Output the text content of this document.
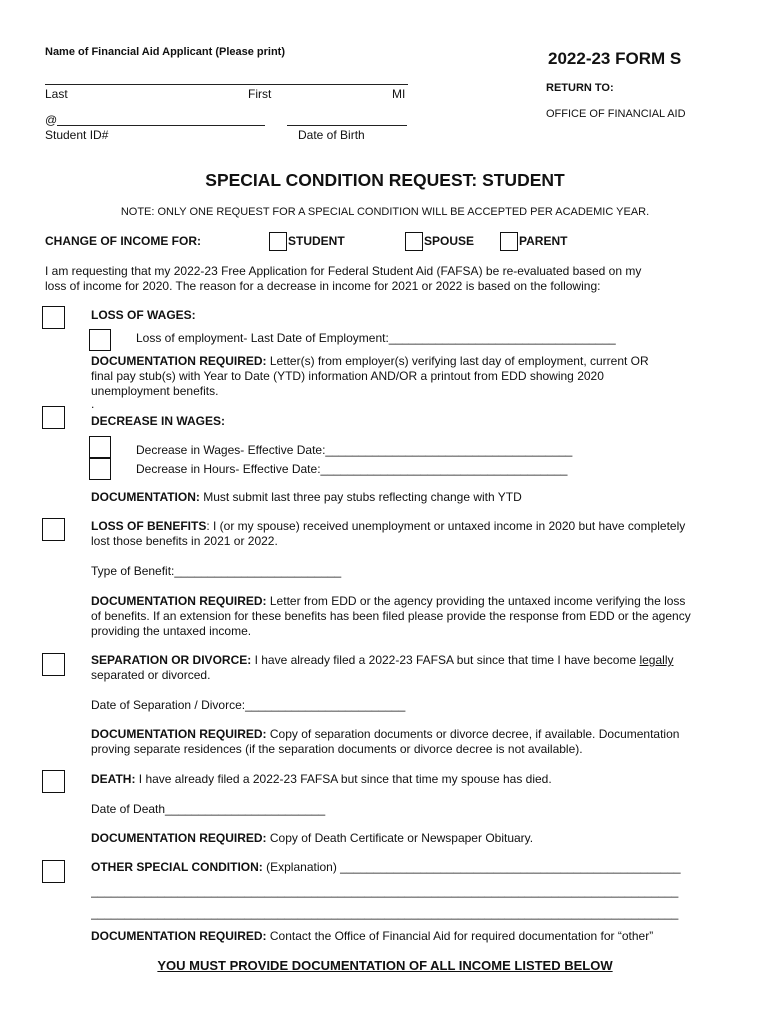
Name of Financial Aid Applicant (Please print)	2022-23 FORM S
Last	First	MI	RETURN TO:
OFFICE OF FINANCIAL AID
@
Student ID#	Date of Birth
SPECIAL CONDITION REQUEST: STUDENT
NOTE: ONLY ONE REQUEST FOR A SPECIAL CONDITION WILL BE ACCEPTED PER ACADEMIC YEAR.
CHANGE OF INCOME FOR:	STUDENT	SPOUSE	PARENT
I am requesting that my 2022-23 Free Application for Federal Student Aid (FAFSA) be re-evaluated based on my
loss of income for 2020. The reason for a decrease in income for 2021 or 2022 is based on the following:
LOSS OF WAGES:
Loss of employment- Last Date of Employment:__________________________________
DOCUMENTATION REQUIRED: Letter(s) from employer(s) verifying last day of employment, current OR
final pay stub(s) with Year to Date (YTD) information AND/OR a printout from EDD showing 2020
unemployment benefits.
.
DECREASE IN WAGES:
Decrease in Wages- Effective Date:_____________________________________
Decrease in Hours- Effective Date:_____________________________________
DOCUMENTATION: Must submit last three pay stubs reflecting change with YTD
LOSS OF BENEFITS: I (or my spouse) received unemployment or untaxed income in 2020 but have completely
lost those benefits in 2021 or 2022.
Type of Benefit:_________________________
DOCUMENTATION REQUIRED: Letter from EDD or the agency providing the untaxed income verifying the loss
of benefits. If an extension for these benefits has been filed please provide the response from EDD or the agency
providing the untaxed income.
SEPARATION OR DIVORCE: I have already filed a 2022-23 FAFSA but since that time I have become legally
separated or divorced.
Date of Separation / Divorce:________________________
DOCUMENTATION REQUIRED: Copy of separation documents or divorce decree, if available. Documentation
proving separate residences (if the separation documents or divorce decree is not available).
DEATH: I have already filed a 2022-23 FAFSA but since that time my spouse has died.
Date of Death________________________
DOCUMENTATION REQUIRED: Copy of Death Certificate or Newspaper Obituary.
OTHER SPECIAL CONDITION: (Explanation) ___________________________________________________
________________________________________________________________________________________
________________________________________________________________________________________
DOCUMENTATION REQUIRED: Contact the Office of Financial Aid for required documentation for “other”
YOU MUST PROVIDE DOCUMENTATION OF ALL INCOME LISTED BELOW
